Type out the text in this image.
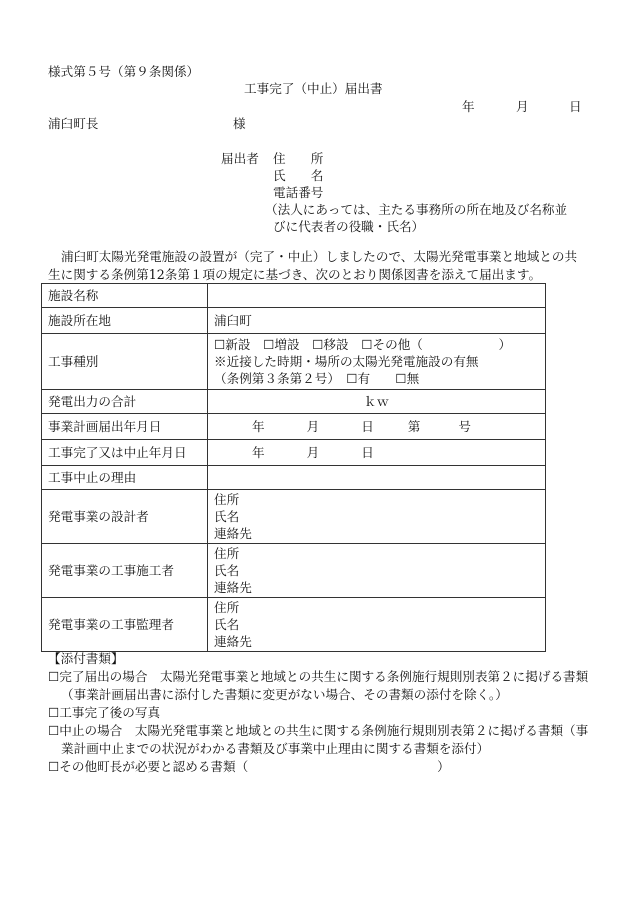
様式第５号（第９条関係）
工事完了（中止）届出書
年	月	日
浦臼町長	様
届出者 住　　所
氏　　名
電話番号
（法人にあっては、主たる事務所の所在地及び名称並
びに代表者の役職・氏名）
浦臼町太陽光発電施設の設置が（完了・中止）しましたので、太陽光発電事業と地域との共生に関する条例第12条第１項の規定に基づき、次のとおり関係図書を添えて届出ます。
施設名称	
施設所在地	浦臼町
工事種別	☐新設　☐増設　☐移設　☐その他（　　　　　　）
※近接した時期・場所の太陽光発電施設の有無
（条例第３条第２号）　☐有　　☐無

発電出力の合計	ｋｗ
事業計画届出年月日	年 月 日 第 号
工事完了又は中止年月日	年 月 日
工事中止の理由	
発電事業の設計者	住所
氏名
連絡先

発電事業の工事施工者	住所
氏名
連絡先

発電事業の工事監理者	住所
氏名
連絡先
【添付書類】
☐完了届出の場合　太陽光発電事業と地域との共生に関する条例施行規則別表第２に掲げる書類（事業計画届出書に添付した書類に変更がない場合、その書類の添付を除く。）
☐工事完了後の写真
☐中止の場合　太陽光発電事業と地域との共生に関する条例施行規則別表第２に掲げる書類（事業計画中止までの状況がわかる書類及び事業中止理由に関する書類を添付）
☐その他町長が必要と認める書類（　　　　　　　　　　　　　　　）
